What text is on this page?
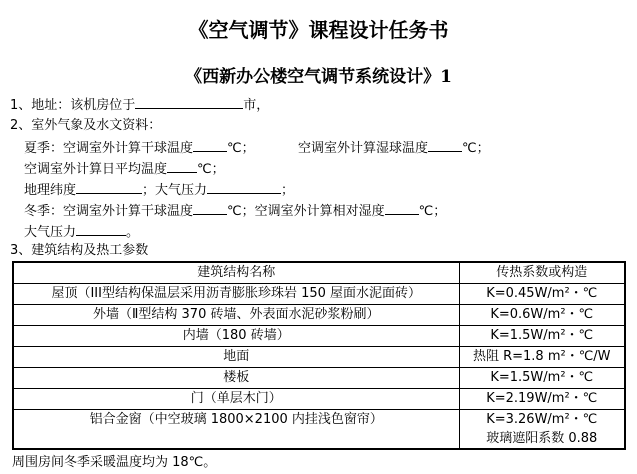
《空气调节》课程设计任务书
《西新办公楼空气调节系统设计》1
1、地址：该机房位于	市，
2、室外气象及水文资料：
夏季：空调室外计算干球温度	℃；	空调室外计算湿球温度	℃；
空调室外计算日平均温度 ℃；
地理纬度	；大气压力	；
冬季：空调室外计算干球温度	℃；空调室外计算相对湿度	℃；
大气压力	。
3、建筑结构及热工参数
建筑结构名称	传热系数或构造
屋顶（III型结构保温层采用沥青膨胀珍珠岩 150 屋面水泥面砖）	K=0.45W/m²・℃
外墙（Ⅱ型结构 370 砖墙、外表面水泥砂浆粉刷）	K=0.6W/m²・℃
内墙（180 砖墙）	K=1.5W/m²・℃
地面	热阻 R=1.8 m²・℃/W
楼板	K=1.5W/m²・℃
门（单层木门）	K=2.19W/m²・℃
铝合金窗（中空玻璃 1800×2100 内挂浅色窗帘）	K=3.26W/m²・℃
玻璃遮阳系数 0.88
周围房间冬季采暖温度均为 18℃。
